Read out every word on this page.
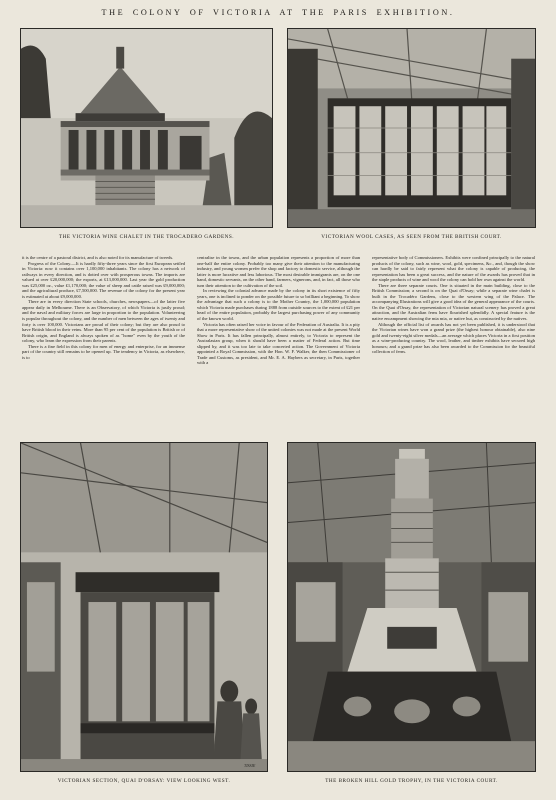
THE COLONY OF VICTORIA AT THE PARIS EXHIBITION.
THE VICTORIA WINE CHALET IN THE TROCADERO GARDENS.	VICTORIAN WOOL CASES, AS SEEN FROM THE BRITISH COURT.

it is the centre of a pastoral district, and is also noted for its manufacture of tweeds.

Progress of the Colony.—It is hardly fifty-three years since the first European settled in Victoria: now it contains over 1,100,000 inhabitants. The colony has a network of railways in every direction, and is dotted over with prosperous towns. The imports are valued at over £20,000,000; the exports, at £13,000,000. Last year the gold production was £25,000 oz., value £1,170,000; the value of sheep and cattle raised was £9,000,000; and the agricultural produce, £7,500,000. The revenue of the colony for the present year is estimated at about £9,000,000.

There are in every direction State schools, churches, newspapers—of the latter five appear daily in Melbourne. There is an Observatory, of which Victoria is justly proud; and the naval and military forces are large in proportion to the population. Volunteering is popular throughout the colony, and the number of men between the ages of twenty and forty is over 100,000. Victorians are proud of their colony; but they are also proud to have British blood in their veins. More than 95 per cent of the population is British or of British origin, and England is always spoken of as "home" even by the youth of the colony, who learn the expression from their parents.

There is a fine field in this colony for men of energy and enterprise, for an immense part of the country still remains to be opened up. The tendency in Victoria, as elsewhere, is to

centralise in the towns, and the urban population represents a proportion of more than one-half the entire colony. Probably too many give their attention to the manufacturing industry, and young women prefer the shop and factory to domestic service, although the latter is more lucrative and less laborious. The most desirable immigrants are, on the one hand, domestic servants, on the other hand, farmers, vignerons, and, in fact, all those who turn their attention to the cultivation of the soil.

In reviewing the colonial advance made by the colony in its short existence of fifty years, one is inclined to ponder on the possible future to so brilliant a beginning. To show the advantage that such a colony is to the Mother Country, the 1,000,000 population which Victoria made purchases during 1888 from outside sources to the extent of £21 per head of the entire population, probably the largest purchasing power of any community of the known world.

Victoria has often raised her voice in favour of the Federation of Australia. It is a pity that a more representative show of the united colonies was not made at the present World Show in Paris. It has fallen principally, almost entirely, to Victoria to represent the Australasian group, when it should have been a matter of Federal action. But time slipped by, and it was too late to take concerted action. The Government of Victoria appointed a Royal Commission, with the Hon. W. F. Walker, the then Commissioner of Trade and Customs, as president, and Mr. E. A. Haybers as secretary, in Paris, together with a

representative body of Commissioners. Exhibits were confined principally to the natural products of the colony, such as wine, wool, gold, specimens, &c., and, though the show can hardly be said to fairly represent what the colony is capable of producing, the representation has been a great success, and the nature of the awards has proved that in the staple products of wine and wool the colony can hold her own against the world.

There are three separate courts. One is situated in the main building, close to the British Commission; a second is on the Quai d'Orsay; while a separate wine chalet is built in the Trocadéro Gardens, close to the western wing of the Palace. The accompanying Illustrations will give a good idea of the general appearance of the courts. On the Quai d'Orsay, the representation of Victorian natural scenery has proved a great attraction, and the Australian ferns have flourished splendidly. A special feature is the native encampment showing the mia mia, or native hut, as constructed by the natives.

Although the official list of awards has not yet been published, it is understood that the Victorian wines have won a grand prize (the highest honour obtainable), also nine gold and twenty-eight silver medals—an average which places Victoria in a first position as a wine-producing country. The wool, leather, and timber exhibits have secured high honours; and a grand prize has also been awarded to the Commission for the beautiful collection of ferns.

TISSIE
VICTORIAN SECTION, QUAI D'ORSAY: VIEW LOOKING WEST.	THE BROKEN HILL GOLD TROPHY, IN THE VICTORIA COURT.
